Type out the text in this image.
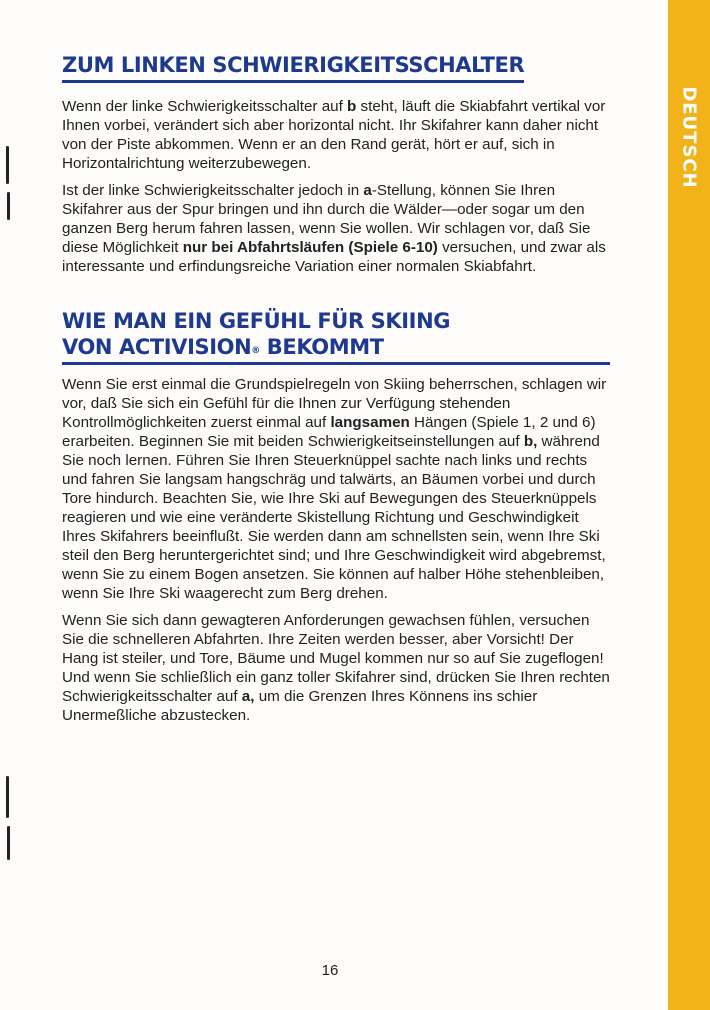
DEUTSCH
ZUM LINKEN SCHWIERIGKEITSSCHALTER

Wenn der linke Schwierigkeitsschalter auf b steht, läuft die Skiabfahrt vertikal vor Ihnen vorbei, verändert sich aber horizontal nicht. Ihr Skifahrer kann daher nicht von der Piste abkommen. Wenn er an den Rand gerät, hört er auf, sich in Horizontalrichtung weiterzubewegen.

Ist der linke Schwierigkeitsschalter jedoch in a-Stellung, können Sie Ihren Skifahrer aus der Spur bringen und ihn durch die Wälder—oder sogar um den ganzen Berg herum fahren lassen, wenn Sie wollen. Wir schlagen vor, daß Sie diese Möglichkeit nur bei Abfahrtsläufen (Spiele 6-10) versuchen, und zwar als interessante und erfindungsreiche Variation einer normalen Skiabfahrt.

WIE MAN EIN GEFÜHL FÜR SKIING
VON ACTIVISION® BEKOMMT

Wenn Sie erst einmal die Grundspielregeln von Skiing beherrschen, schlagen wir vor, daß Sie sich ein Gefühl für die Ihnen zur Verfügung stehenden Kontrollmöglichkeiten zuerst einmal auf langsamen Hängen (Spiele 1, 2 und 6) erarbeiten. Beginnen Sie mit beiden Schwierigkeitseinstellungen auf b, während Sie noch lernen. Führen Sie Ihren Steuerknüppel sachte nach links und rechts und fahren Sie langsam hangschräg und talwärts, an Bäumen vorbei und durch Tore hindurch. Beachten Sie, wie Ihre Ski auf Bewegungen des Steuerknüppels reagieren und wie eine veränderte Skistellung Richtung und Geschwindigkeit Ihres Skifahrers beeinflußt. Sie werden dann am schnellsten sein, wenn Ihre Ski steil den Berg heruntergerichtet sind; und Ihre Geschwindigkeit wird abgebremst, wenn Sie zu einem Bogen ansetzen. Sie können auf halber Höhe stehenbleiben, wenn Sie Ihre Ski waagerecht zum Berg drehen.

Wenn Sie sich dann gewagteren Anforderungen gewachsen fühlen, versuchen Sie die schnelleren Abfahrten. Ihre Zeiten werden besser, aber Vorsicht! Der Hang ist steiler, und Tore, Bäume und Mugel kommen nur so auf Sie zugeflogen! Und wenn Sie schließlich ein ganz toller Skifahrer sind, drücken Sie Ihren rechten Schwierigkeitsschalter auf a, um die Grenzen Ihres Könnens ins schier Unermeßliche abzustecken.

16
